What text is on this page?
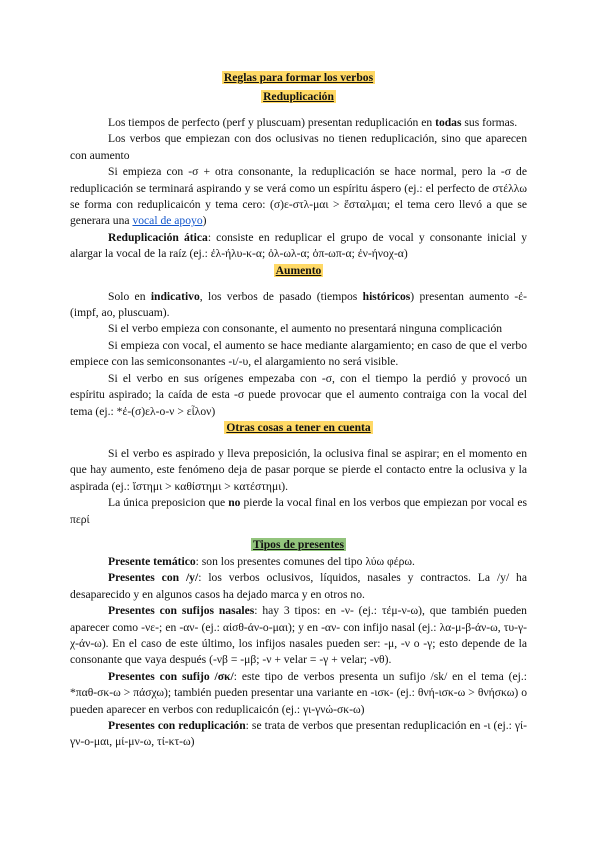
Reglas para formar los verbos
Reduplicación

Los tiempos de perfecto (perf y pluscuam) presentan reduplicación en todas sus formas.

Los verbos que empiezan con dos oclusivas no tienen reduplicación, sino que aparecen con aumento

Si empieza con -σ + otra consonante, la reduplicación se hace normal, pero la -σ de reduplicación se terminará aspirando y se verá como un espíritu áspero (ej.: el perfecto de στέλλω se forma con reduplicaicón y tema cero: (σ)ε-στλ-μαι > ἔσταλμαι; el tema cero llevó a que se generara una vocal de apoyo)

Reduplicación ática: consiste en reduplicar el grupo de vocal y consonante inicial y alargar la vocal de la raíz (ej.: ἐλ-ήλυ-κ-α; ὀλ-ωλ-α; ὀπ-ωπ-α; ἐν-ήνοχ-α)

Aumento

Solo en indicativo, los verbos de pasado (tiempos históricos) presentan aumento -ἐ- (impf, ao, pluscuam).

Si el verbo empieza con consonante, el aumento no presentará ninguna complicación

Si empieza con vocal, el aumento se hace mediante alargamiento; en caso de que el verbo empiece con las semiconsonantes -ι/-υ, el alargamiento no será visible.

Si el verbo en sus orígenes empezaba con -σ, con el tiempo la perdió y provocó un espíritu aspirado; la caída de esta -σ puede provocar que el aumento contraiga con la vocal del tema (ej.: *ἐ-(σ)ελ-ο-ν > εἷλον)

Otras cosas a tener en cuenta

Si el verbo es aspirado y lleva preposición, la oclusiva final se aspirar; en el momento en que hay aumento, este fenómeno deja de pasar porque se pierde el contacto entre la oclusiva y la aspirada (ej.: ἵστημι > καθίστημι > κατέστημι).

La única preposicion que no pierde la vocal final en los verbos que empiezan por vocal es περί

Tipos de presentes

Presente temático: son los presentes comunes del tipo λύω φέρω.

Presentes con /y/: los verbos oclusivos, líquidos, nasales y contractos. La /y/ ha desaparecido y en algunos casos ha dejado marca y en otros no.

Presentes con sufijos nasales: hay 3 tipos: en -ν- (ej.: τέμ-ν-ω), que también pueden aparecer como -νε-; en -αν- (ej.: αἰσθ-άν-ο-μαι); y en -αν- con infijo nasal (ej.: λα-μ-β-άν-ω, τυ-γ-χ-άν-ω). En el caso de este último, los infijos nasales pueden ser: -μ, -ν o -γ; esto depende de la consonante que vaya después (-νβ = -μβ; -ν + velar = -γ + velar; -νθ).

Presentes con sufijo /σκ/: este tipo de verbos presenta un sufijo /sk/ en el tema (ej.: *παθ-σκ-ω > πάσχω); también pueden presentar una variante en -ισκ- (ej.: θνή-ισκ-ω > θνήσκω) o pueden aparecer en verbos con reduplicaicón (ej.: γι-γνώ-σκ-ω)

Presentes con reduplicación: se trata de verbos que presentan reduplicación en -ι (ej.: γί-γν-ο-μαι, μί-μν-ω, τί-κτ-ω)
